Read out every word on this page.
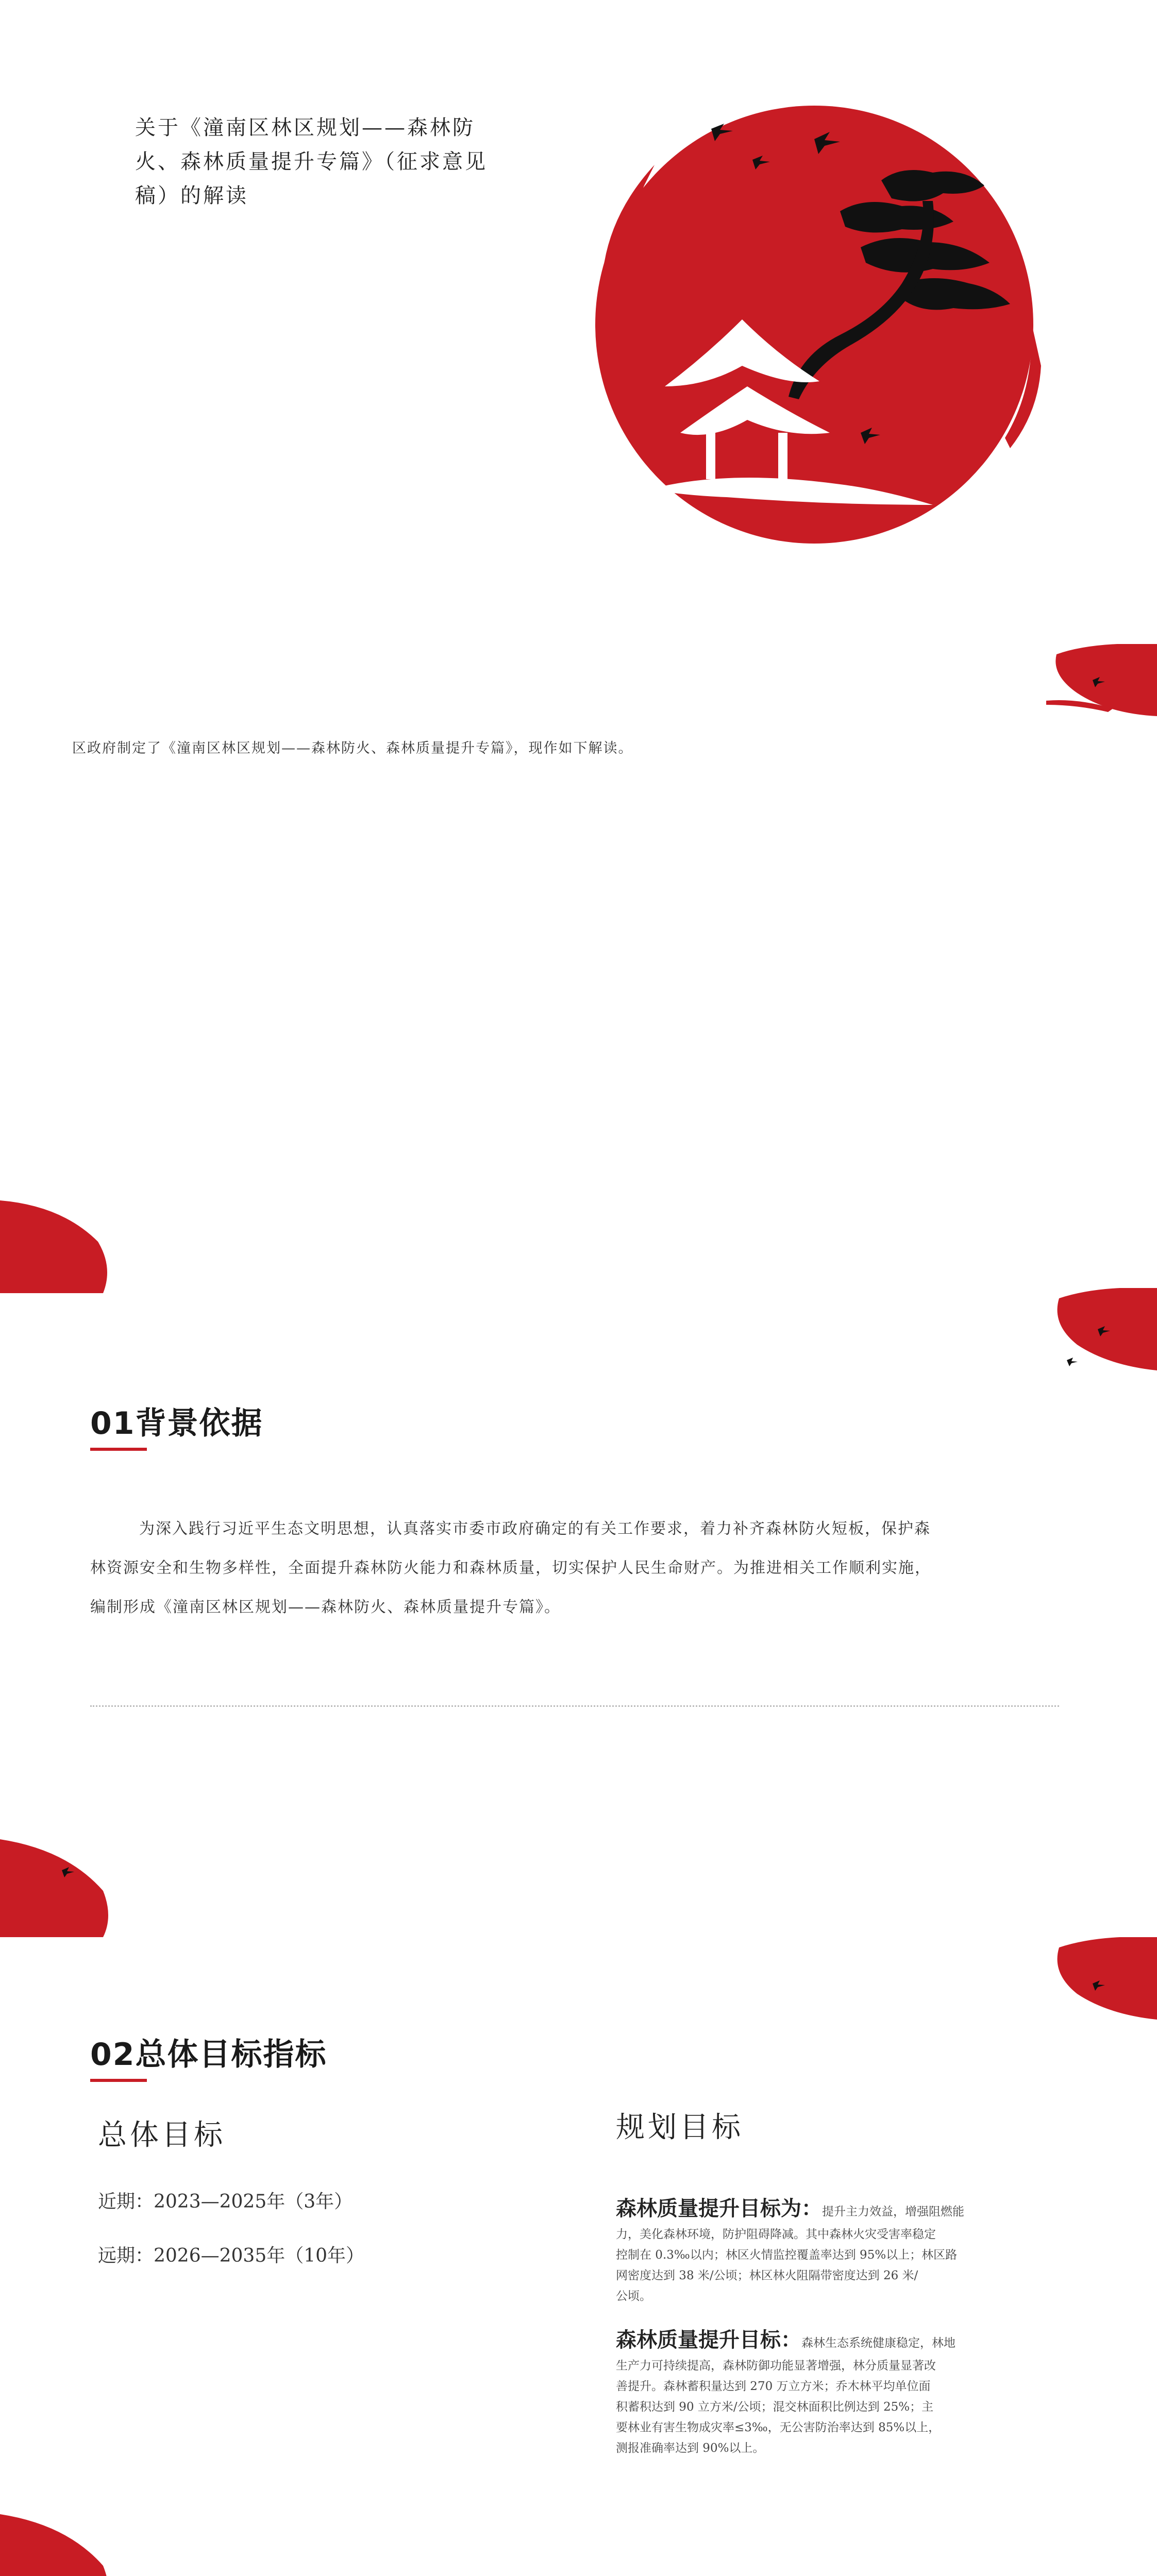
关于《潼南区林区规划——森林防火、森林质量提升专篇》（征求意见稿）的解读
区政府制定了《潼南区林区规划——森林防火、森林质量提升专篇》，现作如下解读。
01背景依据
为深入践行习近平生态文明思想，认真落实市委市政府确定的有关工作要求，着力补齐森林防火短板，保护森
林资源安全和生物多样性，全面提升森林防火能力和森林质量，切实保护人民生命财产。为推进相关工作顺利实施，
编制形成《潼南区林区规划——森林防火、森林质量提升专篇》。
02总体目标指标
总体目标
近期：2023—2025年（3年）
远期：2026—2035年（10年）
规划目标
森林质量提升目标为：提升主力效益，增强阻燃能
力，美化森林环境，防护阻碍降减。其中森林火灾受害率稳定
控制在 0.3‰以内；林区火情监控覆盖率达到 95%以上；林区路
网密度达到 38 米/公顷；林区林火阻隔带密度达到 26 米/
公顷。
森林质量提升目标：森林生态系统健康稳定，林地
生产力可持续提高，森林防御功能显著增强，林分质量显著改
善提升。森林蓄积量达到 270 万立方米；乔木林平均单位面
积蓄积达到 90 立方米/公顷；混交林面积比例达到 25%；主
要林业有害生物成灾率≤3‰，无公害防治率达到 85%以上，
测报准确率达到 90%以上。
